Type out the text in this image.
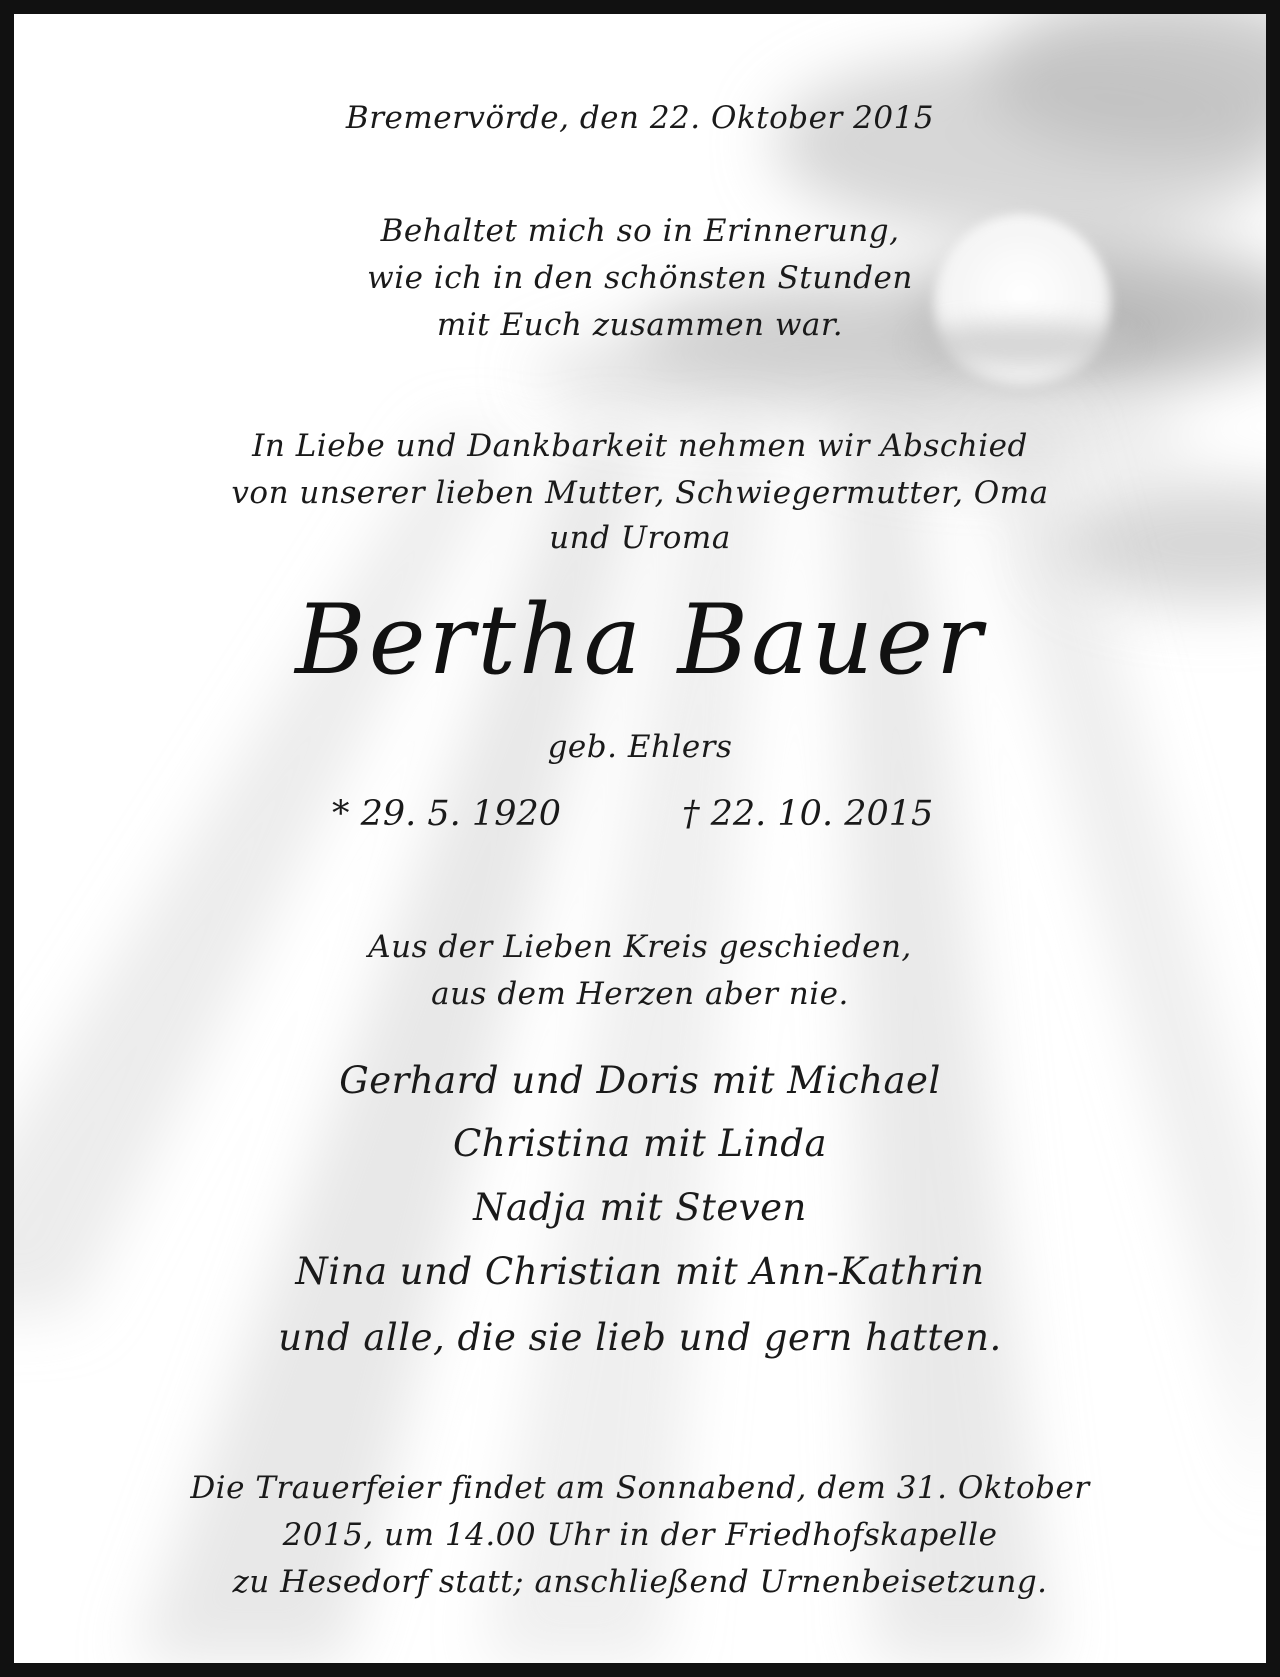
Bremervörde, den 22. Oktober 2015
Behaltet mich so in Erinnerung,
wie ich in den schönsten Stunden
mit Euch zusammen war.
In Liebe und Dankbarkeit nehmen wir Abschied
von unserer lieben Mutter, Schwiegermutter, Oma
und Uroma
Bertha Bauer
geb. Ehlers
* 29. 5. 1920	† 22. 10. 2015
Aus der Lieben Kreis geschieden,
aus dem Herzen aber nie.
Gerhard und Doris mit Michael
Christina mit Linda
Nadja mit Steven
Nina und Christian mit Ann-Kathrin
und alle, die sie lieb und gern hatten.
Die Trauerfeier findet am Sonnabend, dem 31. Oktober
2015, um 14.00 Uhr in der Friedhofskapelle
zu Hesedorf statt; anschließend Urnenbeisetzung.
